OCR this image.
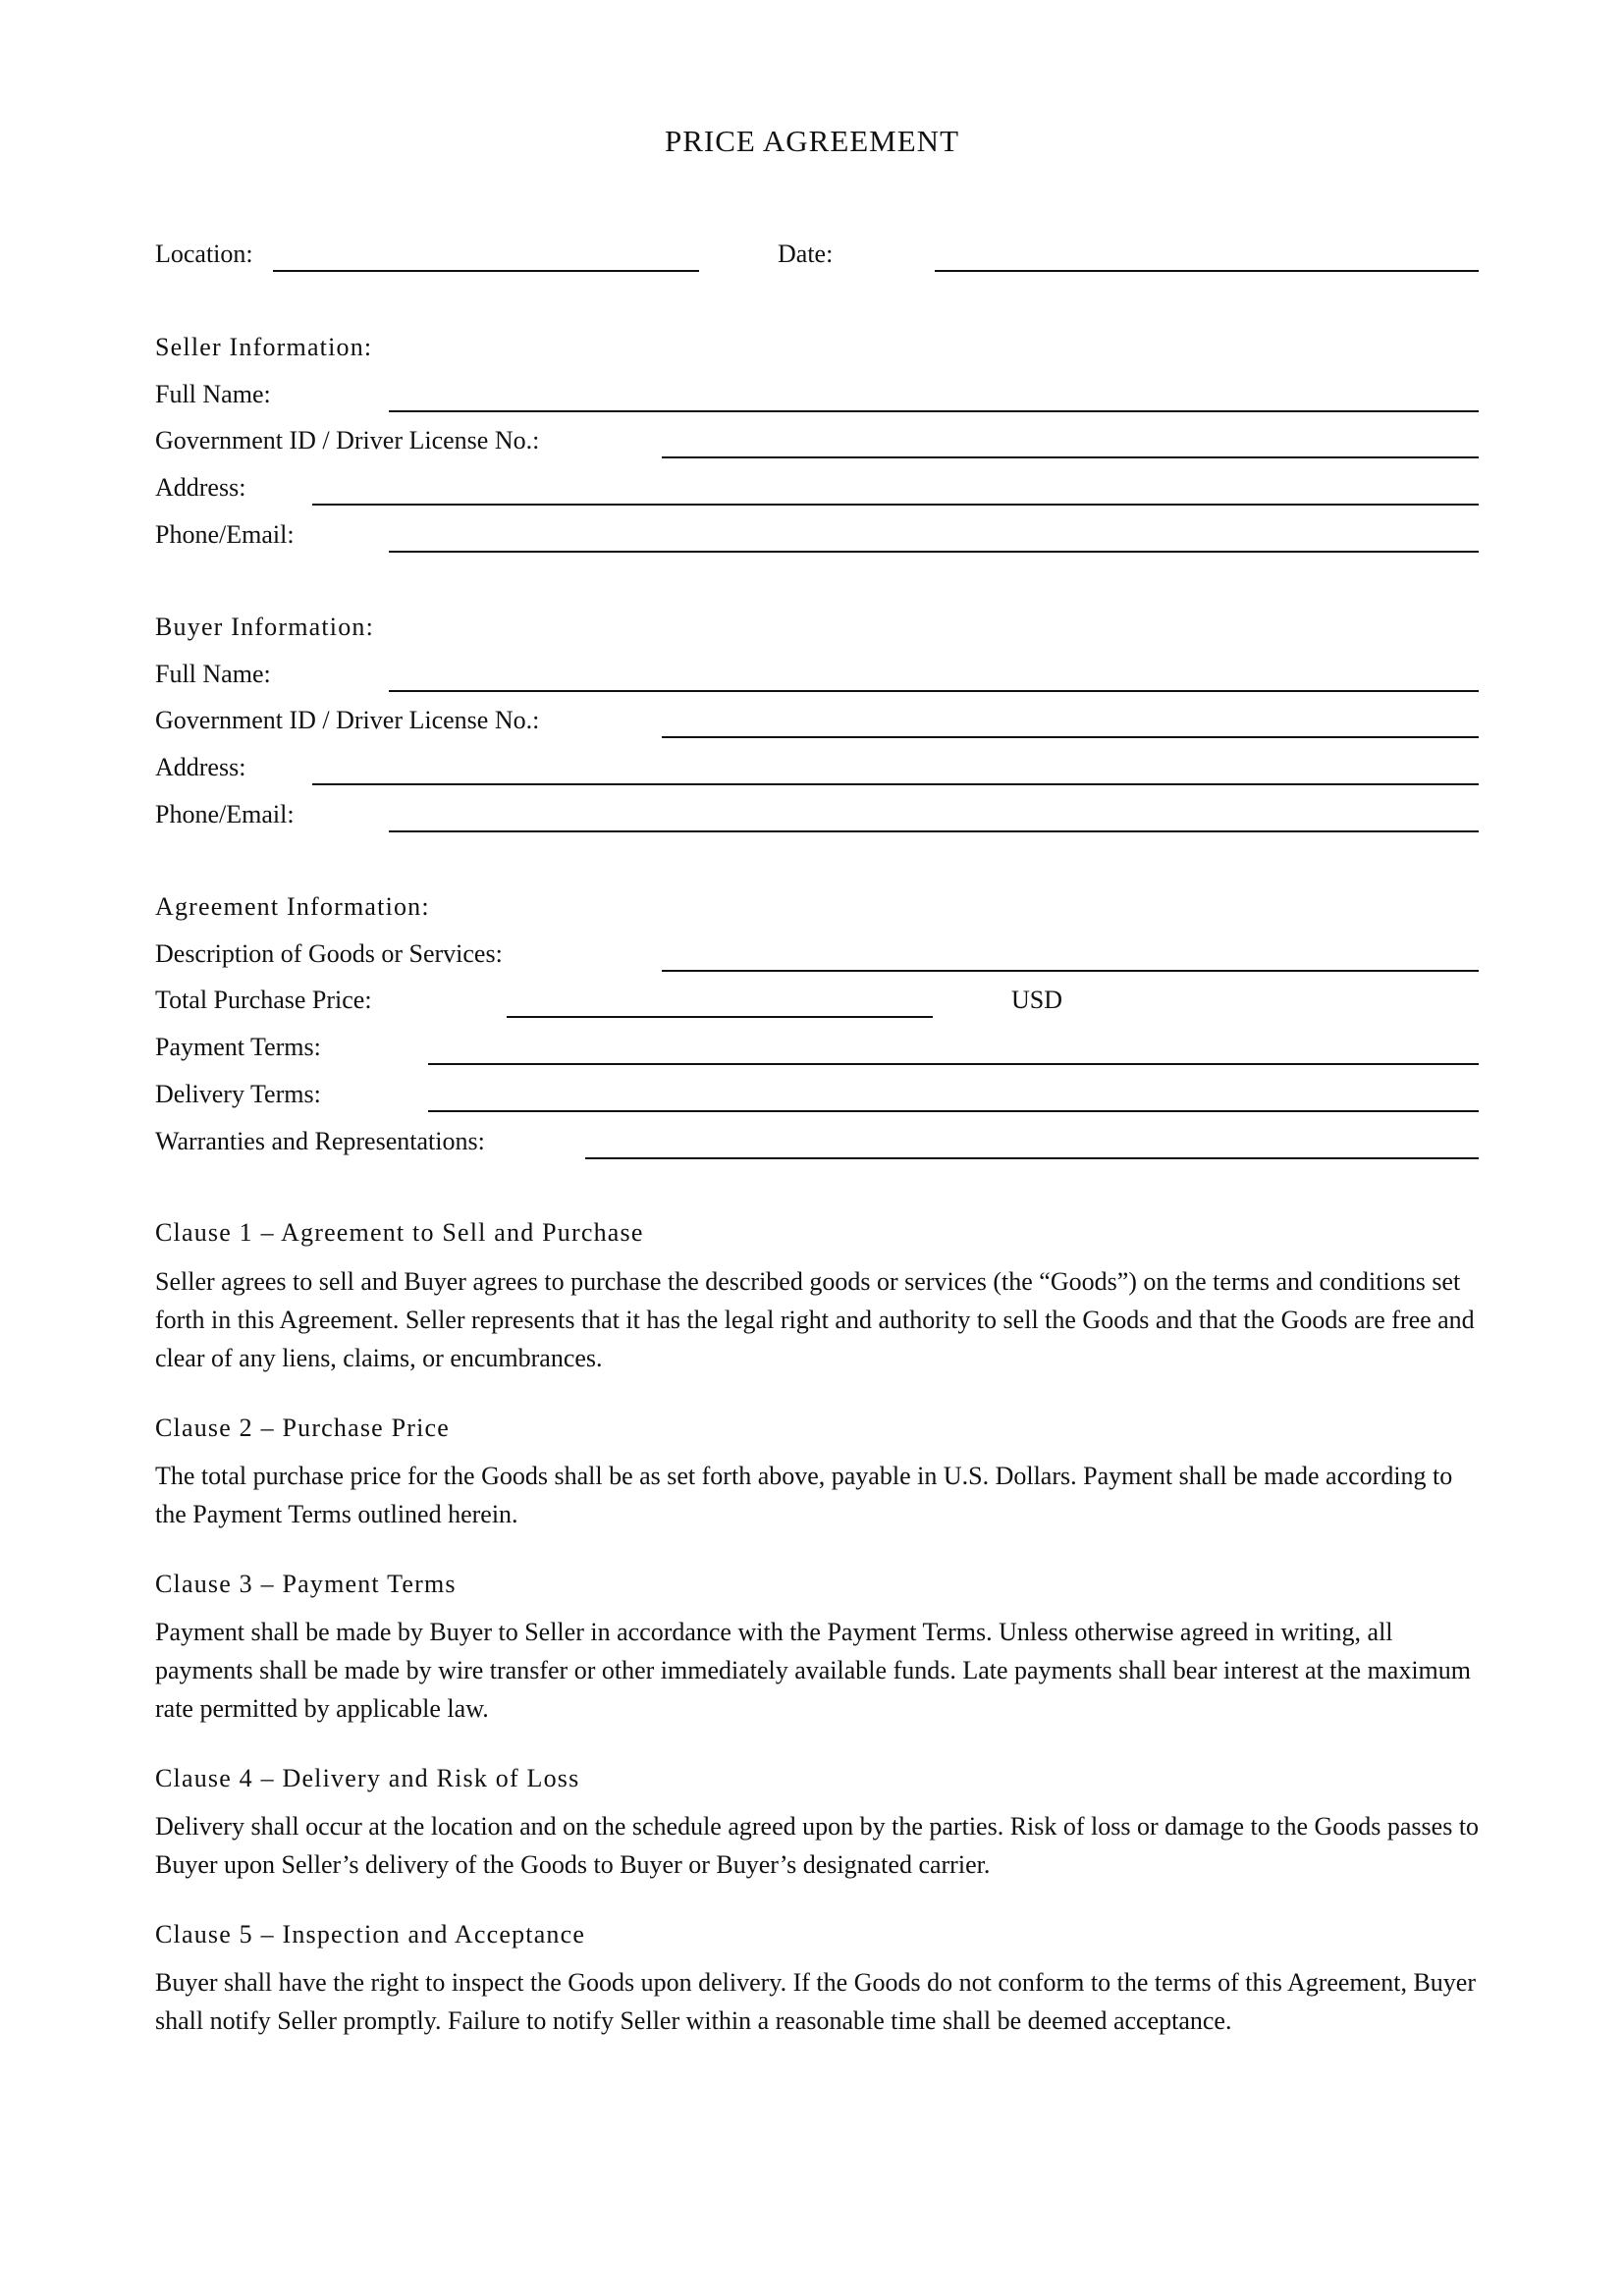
PRICE AGREEMENT
Location:	Date:
Seller Information:
Full Name:
Government ID / Driver License No.:
Address:
Phone/Email:
Buyer Information:
Full Name:
Government ID / Driver License No.:
Address:
Phone/Email:
Agreement Information:
Description of Goods or Services:
Total Purchase Price:	USD
Payment Terms:
Delivery Terms:
Warranties and Representations:
Clause 1 – Agreement to Sell and Purchase
Seller agrees to sell and Buyer agrees to purchase the described goods or services (the “Goods”) on the terms and conditions set forth in this Agreement. Seller represents that it has the legal right and authority to sell the Goods and that the Goods are free and clear of any liens, claims, or encumbrances.
Clause 2 – Purchase Price
The total purchase price for the Goods shall be as set forth above, payable in U.S. Dollars. Payment shall be made according to the Payment Terms outlined herein.
Clause 3 – Payment Terms
Payment shall be made by Buyer to Seller in accordance with the Payment Terms. Unless otherwise agreed in writing, all payments shall be made by wire transfer or other immediately available funds. Late payments shall bear interest at the maximum rate permitted by applicable law.
Clause 4 – Delivery and Risk of Loss
Delivery shall occur at the location and on the schedule agreed upon by the parties. Risk of loss or damage to the Goods passes to Buyer upon Seller’s delivery of the Goods to Buyer or Buyer’s designated carrier.
Clause 5 – Inspection and Acceptance
Buyer shall have the right to inspect the Goods upon delivery. If the Goods do not conform to the terms of this Agreement, Buyer shall notify Seller promptly. Failure to notify Seller within a reasonable time shall be deemed acceptance.
